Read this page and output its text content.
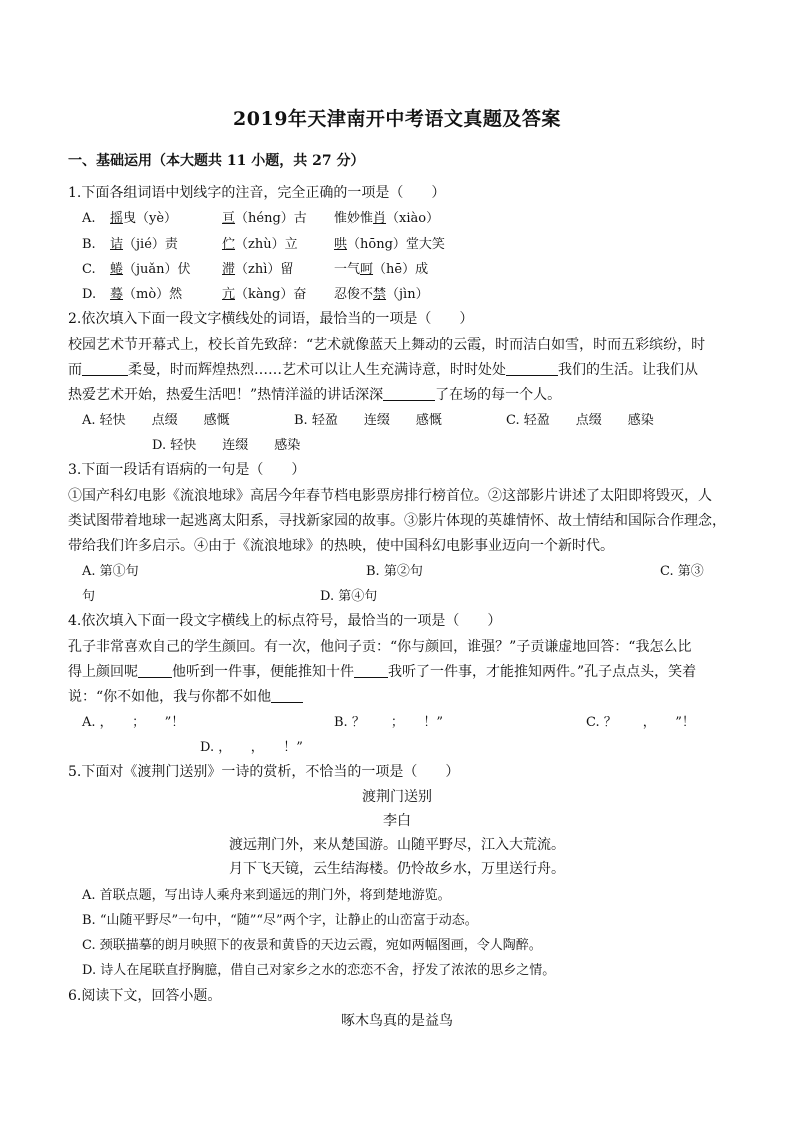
2019年天津南开中考语文真题及答案
一、基础运用（本大题共 11 小题，共 27 分）
1.下面各组词语中划线字的注音，完全正确的一项是（　　）
A. 摇曳（yè）	亘（héng）古 惟妙惟肖（xiào）
B. 诘（jié）责	伫（zhù）立	哄（hōng）堂大笑
C. 蜷（juǎn）伏 滞（zhì）留	一气呵（hē）成
D. 蓦（mò）然	亢（kàng）奋 忍俊不禁（jìn）
2.依次填入下面一段文字横线处的词语，最恰当的一项是（　　）
校园艺术节开幕式上，校长首先致辞：“艺术就像蓝天上舞动的云霞，时而洁白如雪，时而五彩缤纷，时
而	柔曼，时而辉煌热烈……艺术可以让人生充满诗意，时时处处	我们的生活。让我们从
热爱艺术开始，热爱生活吧！”热情洋溢的讲话深深	了在场的每一个人。
A. 轻快　　点缀　　感慨	B. 轻盈　　连缀　　感慨	C. 轻盈　　点缀　　感染
D. 轻快　　连缀　　感染
3.下面一段话有语病的一句是（　　）
①国产科幻电影《流浪地球》高居今年春节档电影票房排行榜首位。②这部影片讲述了太阳即将毁灭，人
类试图带着地球一起逃离太阳系，寻找新家园的故事。③影片体现的英雄情怀、故土情结和国际合作理念，
带给我们许多启示。④由于《流浪地球》的热映，使中国科幻电影事业迈向一个新时代。
A. 第①句	B. 第②句	C. 第③
句	D. 第④句
4.依次填入下面一段文字横线上的标点符号，最恰当的一项是（　　）
孔子非常喜欢自己的学生颜回。有一次，他问子贡：“你与颜回，谁强？”子贡谦虚地回答：“我怎么比
得上颜回呢 他听到一件事，便能推知十件 我听了一件事，才能推知两件。”孔子点点头，笑着
说：“你不如他，我与你都不如他
A. ，　　；　　”！	B. ？　　；　　！”	C. ？　　，　　”！
D. ，　　，　　！”
5.下面对《渡荆门送别》一诗的赏析，不恰当的一项是（　　）
渡荆门送别
李白
渡远荆门外，来从楚国游。山随平野尽，江入大荒流。
月下飞天镜，云生结海楼。仍怜故乡水，万里送行舟。
A. 首联点题，写出诗人乘舟来到遥远的荆门外，将到楚地游览。
B. “山随平野尽”一句中，“随”“尽”两个字，让静止的山峦富于动态。
C. 颈联描摹的朗月映照下的夜景和黄昏的天边云霞，宛如两幅图画，令人陶醉。
D. 诗人在尾联直抒胸臆，借自己对家乡之水的恋恋不舍，抒发了浓浓的思乡之情。
6.阅读下文，回答小题。
啄木鸟真的是益鸟
